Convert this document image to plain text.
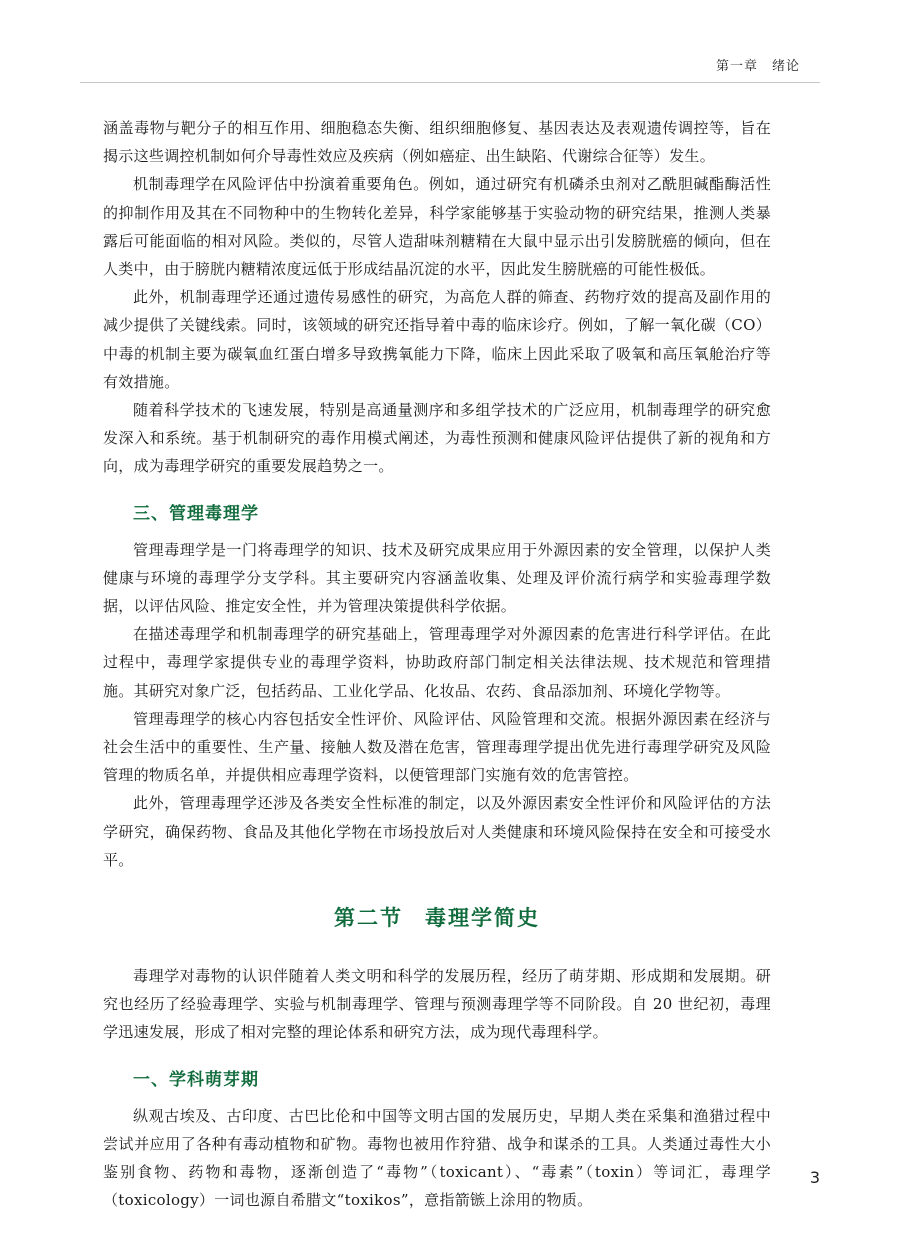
第一章 绪论

涵盖毒物与靶分子的相互作用、细胞稳态失衡、组织细胞修复、基因表达及表观遗传调控等，旨在揭示这些调控机制如何介导毒性效应及疾病（例如癌症、出生缺陷、代谢综合征等）发生。

机制毒理学在风险评估中扮演着重要角色。例如，通过研究有机磷杀虫剂对乙酰胆碱酯酶活性的抑制作用及其在不同物种中的生物转化差异，科学家能够基于实验动物的研究结果，推测人类暴露后可能面临的相对风险。类似的，尽管人造甜味剂糖精在大鼠中显示出引发膀胱癌的倾向，但在人类中，由于膀胱内糖精浓度远低于形成结晶沉淀的水平，因此发生膀胱癌的可能性极低。

此外，机制毒理学还通过遗传易感性的研究，为高危人群的筛查、药物疗效的提高及副作用的减少提供了关键线索。同时，该领域的研究还指导着中毒的临床诊疗。例如，了解一氧化碳（CO）中毒的机制主要为碳氧血红蛋白增多导致携氧能力下降，临床上因此采取了吸氧和高压氧舱治疗等有效措施。

随着科学技术的飞速发展，特别是高通量测序和多组学技术的广泛应用，机制毒理学的研究愈发深入和系统。基于机制研究的毒作用模式阐述，为毒性预测和健康风险评估提供了新的视角和方向，成为毒理学研究的重要发展趋势之一。

三、管理毒理学

管理毒理学是一门将毒理学的知识、技术及研究成果应用于外源因素的安全管理，以保护人类健康与环境的毒理学分支学科。其主要研究内容涵盖收集、处理及评价流行病学和实验毒理学数据，以评估风险、推定安全性，并为管理决策提供科学依据。

在描述毒理学和机制毒理学的研究基础上，管理毒理学对外源因素的危害进行科学评估。在此过程中，毒理学家提供专业的毒理学资料，协助政府部门制定相关法律法规、技术规范和管理措施。其研究对象广泛，包括药品、工业化学品、化妆品、农药、食品添加剂、环境化学物等。

管理毒理学的核心内容包括安全性评价、风险评估、风险管理和交流。根据外源因素在经济与社会生活中的重要性、生产量、接触人数及潜在危害，管理毒理学提出优先进行毒理学研究及风险管理的物质名单，并提供相应毒理学资料，以便管理部门实施有效的危害管控。

此外，管理毒理学还涉及各类安全性标准的制定，以及外源因素安全性评价和风险评估的方法学研究，确保药物、食品及其他化学物在市场投放后对人类健康和环境风险保持在安全和可接受水平。

第二节 毒理学简史

毒理学对毒物的认识伴随着人类文明和科学的发展历程，经历了萌芽期、形成期和发展期。研究也经历了经验毒理学、实验与机制毒理学、管理与预测毒理学等不同阶段。自 20 世纪初，毒理学迅速发展，形成了相对完整的理论体系和研究方法，成为现代毒理科学。

一、学科萌芽期

纵观古埃及、古印度、古巴比伦和中国等文明古国的发展历史，早期人类在采集和渔猎过程中尝试并应用了各种有毒动植物和矿物。毒物也被用作狩猎、战争和谋杀的工具。人类通过毒性大小鉴别食物、药物和毒物，逐渐创造了“毒物”（toxicant）、“毒素”（toxin）等词汇，毒理学（toxicology）一词也源自希腊文“toxikos”，意指箭镞上涂用的物质。

3
